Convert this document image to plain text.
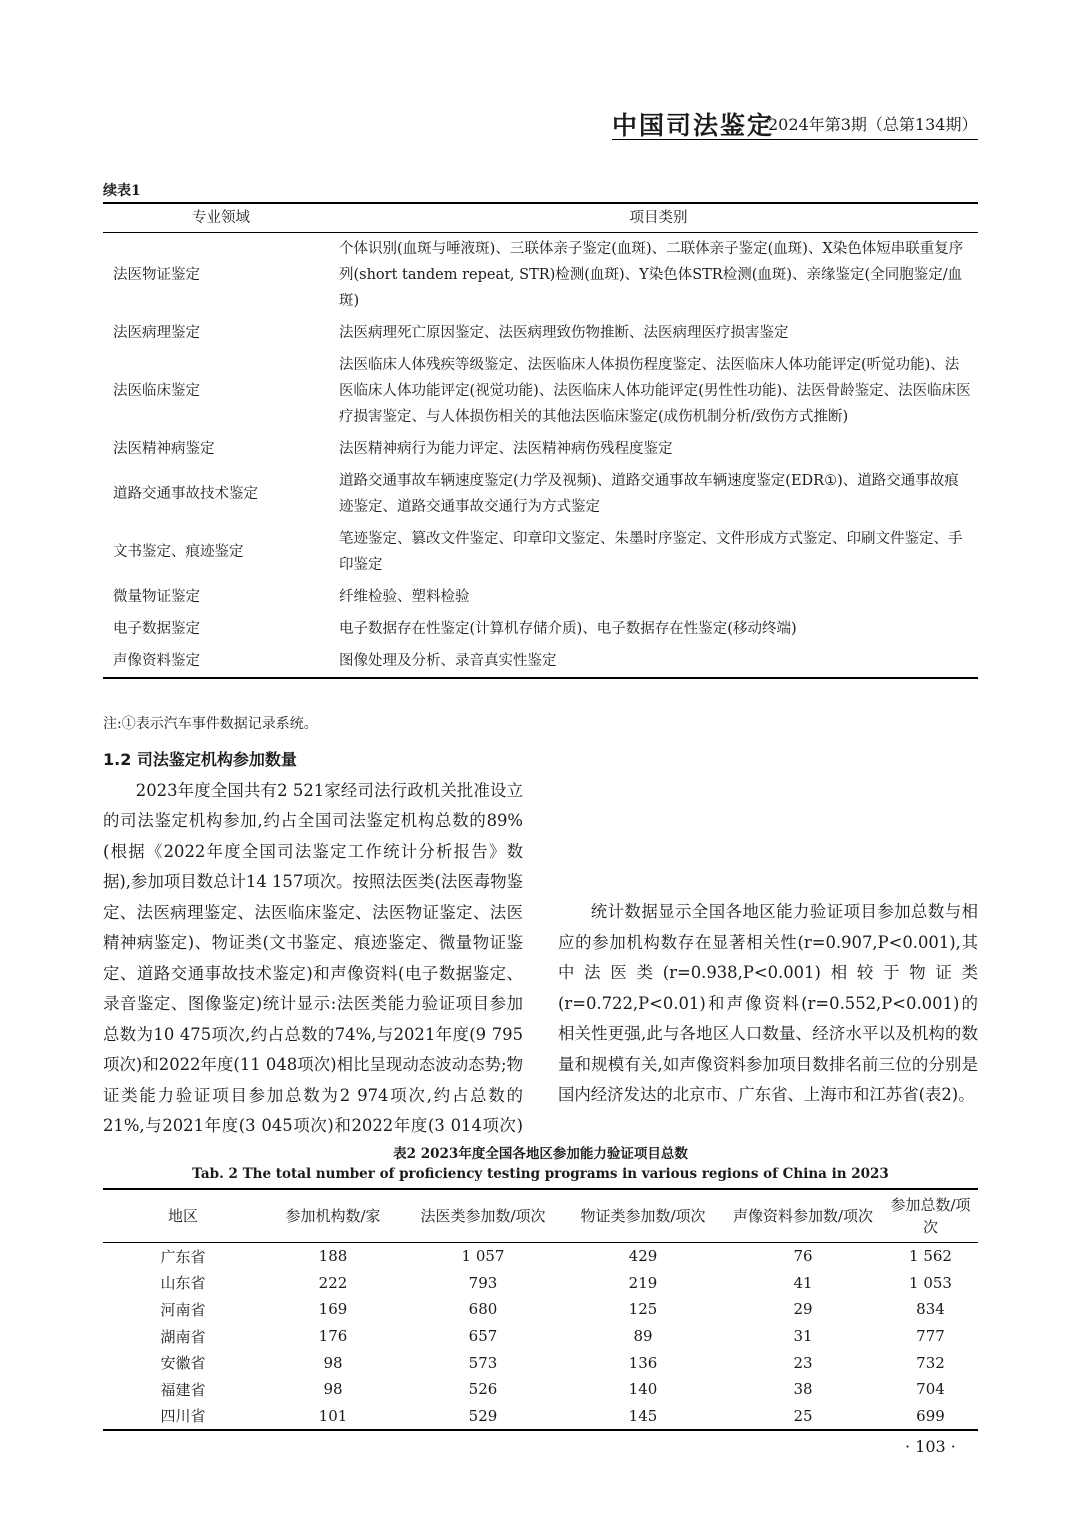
中国司法鉴定
2024年第3期（总第134期）
续表1
专业领域	项目类别
法医物证鉴定	个体识别(血斑与唾液斑)、三联体亲子鉴定(血斑)、二联体亲子鉴定(血斑)、X染色体短串联重复序列(short tandem repeat, STR)检测(血斑)、Y染色体STR检测(血斑)、亲缘鉴定(全同胞鉴定/血斑)
法医病理鉴定	法医病理死亡原因鉴定、法医病理致伤物推断、法医病理医疗损害鉴定
法医临床鉴定	法医临床人体残疾等级鉴定、法医临床人体损伤程度鉴定、法医临床人体功能评定(听觉功能)、法医临床人体功能评定(视觉功能)、法医临床人体功能评定(男性性功能)、法医骨龄鉴定、法医临床医疗损害鉴定、与人体损伤相关的其他法医临床鉴定(成伤机制分析/致伤方式推断)
法医精神病鉴定	法医精神病行为能力评定、法医精神病伤残程度鉴定
道路交通事故技术鉴定	道路交通事故车辆速度鉴定(力学及视频)、道路交通事故车辆速度鉴定(EDR①)、道路交通事故痕迹鉴定、道路交通事故交通行为方式鉴定
文书鉴定、痕迹鉴定	笔迹鉴定、篡改文件鉴定、印章印文鉴定、朱墨时序鉴定、文件形成方式鉴定、印刷文件鉴定、手印鉴定
微量物证鉴定	纤维检验、塑料检验
电子数据鉴定	电子数据存在性鉴定(计算机存储介质)、电子数据存在性鉴定(移动终端)
声像资料鉴定	图像处理及分析、录音真实性鉴定
注:①表示汽车事件数据记录系统。

1.2 司法鉴定机构参加数量

2023年度全国共有2 521家经司法行政机关批准设立的司法鉴定机构参加,约占全国司法鉴定机构总数的89%(根据《2022年度全国司法鉴定工作统计分析报告》数据),参加项目数总计14 157项次。按照法医类(法医毒物鉴定、法医病理鉴定、法医临床鉴定、法医物证鉴定、法医精神病鉴定)、物证类(文书鉴定、痕迹鉴定、微量物证鉴定、道路交通事故技术鉴定)和声像资料(电子数据鉴定、录音鉴定、图像鉴定)统计显示:法医类能力验证项目参加总数为10 475项次,约占总数的74%,与2021年度(9 795项次)和2022年度(11 048项次)相比呈现动态波动态势;物证类能力验证项目参加总数为2 974项次,约占总数的21%,与2021年度(3 045项次)和2022年度(3 014项次)

统计数据显示全国各地区能力验证项目参加总数与相应的参加机构数存在显著相关性(r=0.907,P<0.001),其中法医类(r=0.938,P<0.001)相较于物证类(r=0.722,P<0.01)和声像资料(r=0.552,P<0.001)的相关性更强,此与各地区人口数量、经济水平以及机构的数量和规模有关,如声像资料参加项目数排名前三位的分别是国内经济发达的北京市、广东省、上海市和江苏省(表2)。

表2 2023年度全国各地区参加能力验证项目总数
Tab. 2 The total number of proficiency testing programs in various regions of China in 2023
地区	参加机构数/家	法医类参加数/项次	物证类参加数/项次	声像资料参加数/项次	参加总数/项次
广东省	188	1 057	429	76	1 562
山东省	222	793	219	41	1 053
河南省	169	680	125	29	834
湖南省	176	657	89	31	777
安徽省	98	573	136	23	732
福建省	98	526	140	38	704
四川省	101	529	145	25	699
· 103 ·
